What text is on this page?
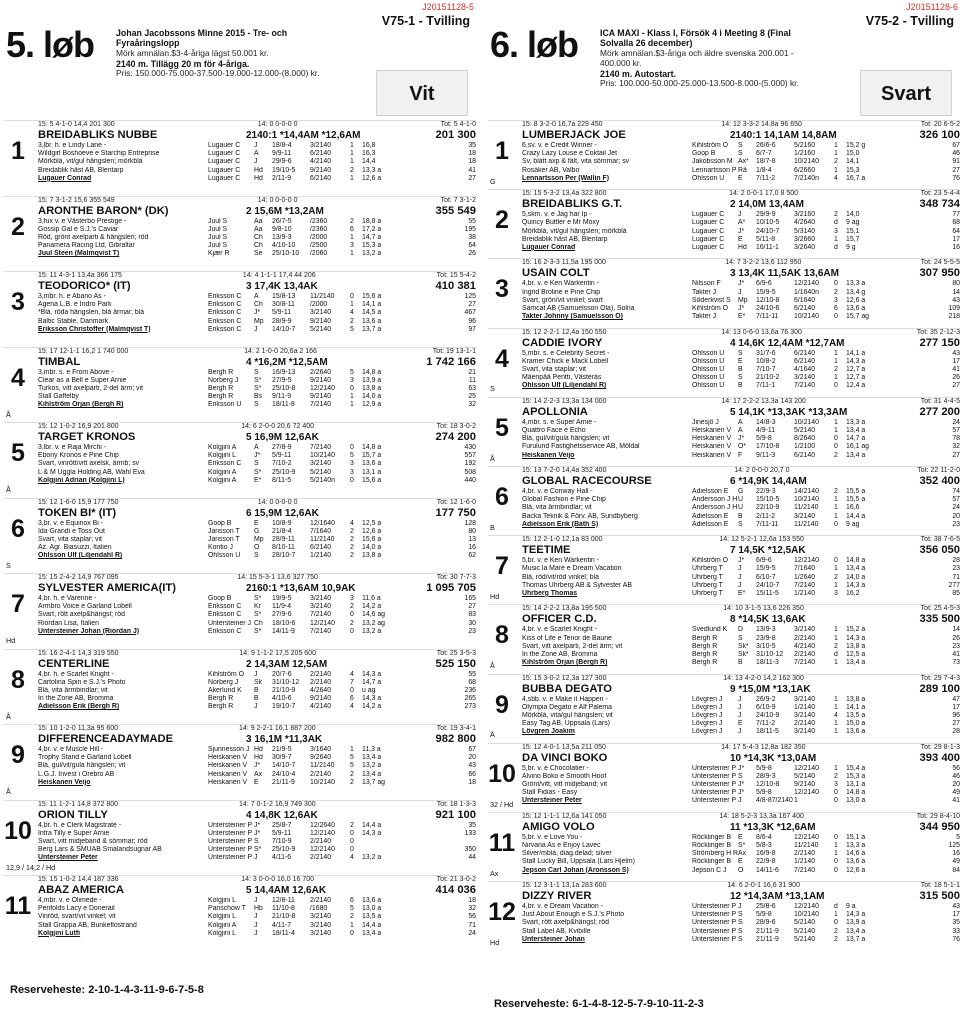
J20151128-5
5. løb Johan Jacobssons Minne 2015 - Tre- och Fyraåringslopp
Mörk amnälan.$3-4-åriga lägst 50.001 kr.
2140 m. Tillägg 20 m för 4-åriga.
Pris: 150.000-75.000-37.500-19.000-12.000-(8.000) kr.
V75-1 - Tvilling
Vit
1
15: 5 4-1-0 14,4 201 300	14: 0 0-0-0 0	Tot: 5 4-1-0
BREIDABLIKS NUBBE	2140:1 *14,4AM *12,6AM	201 300
3,lbr. h. e Lindy Lane -	Lugauer C	J	18/8-4	3/2140	1	16,8	35
Wildgirl Boshoeve e Starchip Entreprise	Lugauer C	Å	9/9-11	6/2140	1	16,3	18
Mörkblå, vit/gul hängslen; mörkblå	Lugauer C	J	29/9-6	4/2140	1	14,4	18
Breidablik häst AB, Blentarp	Lugauer C	Hd	19/10-5	9/2140	2	13,3 a	41
Lugauer Conrad	Lugauer C	Hd	2/11-9	6/2140	1	12,6 a	27
2
15: 7 3-1-2 15,6 355 549	14: 0 0-0-0 0	Tot: 7 3-1-2
ARONTHE BARON* (DK)	2 15,6M *13,2AM	355 549
3,fux v. e Västerbo Prestige -	Juul S	Aa	26/7-5	/2360	2	18,8 a	55
Gossip Gal e S.J.'s Caviar	Juul S	Aa	9/8-10	/2360	6	17,2 a	195
Röd, grönt axelparti & hängslen; röd	Juul S	Ch	13/9-3	/2000	1	14,7 a	38
Panamera Racing Ltd, Gibraltar	Juul S	Ch	4/10-10	/2500	3	15,3 a	64
Juul Steen (Malmqvist T)	Kjær R	Se	25/10-10	/2060	1	13,2 a	26
3
15: 11 4-3-1 13,4a 366 175	14: 4 1-1-1 17,4 44 206	Tot: 15 5-4-2
TEODORICO* (IT)	3 17,4K 13,4AK	410 381
3,mbr. h. e Abano As -	Eriksson C	Å	15/8-13	11/2140	0	15,6 a	125
Agena L.B. e Indro Park	Eriksson C	Ch	30/8-11	/2000	1	14,1 a	27
*Blå, röda hängslen, blå ärmar; blå	Eriksson C	J*	5/9-11	3/2140	4	14,5 a	467
Baltic Stable, Danmark	Eriksson C	Mp	28/9-9	9/2140	2	13,6 a	96
Eriksson Christoffer (Malmqvist T)	Eriksson C	J	14/10-7	5/2140	5	13,7 a	97
4
15: 17 12-1-1 16,2 1 740 000	14: 2 1-0-0 20,6a 2 166	Tot: 19 13-1-1
TIMBAL	4 *16,2M *12,5AM	1 742 166
3,mbr. s. e From Above -	Bergh R	S	16/9-13	2/2640	5	14,8 a	21
Clear as a Bell e Super Arnie	Norberg J	S*	27/9-5	9/2140	3	13,9 a	11
Turkos, vitt axelparti, 2-del ärm; vit	Bergh R	S*	25/10-8	12/2140	0	13,8 a	63
Stall Gaffelby	Bergh R	Bs	9/11-9	9/2140	1	14,0 a	25
Kihlström Örjan (Bergh R)	Eriksson U	S	18/11-8	7/2140	1	12,9 a	32
Å
5
15: 12 1-0-2 16,9 201 800	14: 6 2-0-0 20,6 72 400	Tot: 18 3-0-2
TARGET KRONOS	5 16,9M 12,6AK	274 200
3,lbr. v. e Raja Mirchi -	Kolgjini A	Å	27/8-9	7/2140	0	14,8 a	430
Ebony Kronos e Pine Chip	Kolgjini L	J*	5/9-11	10/2140	5	15,7 a	557
Svart, vinrött/vitt axelsk, ärmb; sv	Eriksson C	S	7/10-2	3/2140	3	13,6 a	192
L & M Uggla Holding AB, Wahl Eva	Kolgjini A	S*	25/10-9	5/2140	3	13,1 a	508
Kolgjini Adrian (Kolgjini L)	Kolgjini A	E*	8/11-5	5/2140n	0	15,6 a	440
Å
6
15: 12 1-6-0 15,9 177 750	14: 0 0-0-0 0	Tot: 12 1-6-0
TOKEN BI* (IT)	6 15,9M 12,6AK	177 750
3,br. v. e Equinox Bi -	Goop B	E	10/8-9	12/1640	4	12,5 a	128
Ida Grandi e Toss Out	Jansson T	G	21/8-4	7/1640	2	12,6 a	80
Svart, vita staplar; vit	Jansson T	Mp	28/9-11	11/2140	2	15,6 a	13
Az. Agr. Biasuzzi, Italien	Kontio J	O	8/10-11	6/2140	2	14,0 a	16
Ohlsson Ulf (Liljendahl R)	Ohlsson U	S	28/10-7	1/2140	2	13,8 a	62
S
7
15: 15 2-4-2 14,9 767 095	14: 15 5-3-1 13,6 327 750	Tot: 30 7-7-3
SYLVESTER AMERICA(IT)	2160:1 *13,6AM 10,9AK	1 095 705
4,br. h. e Varenne -	Goop B	S*	19/9-5	3/2140	3	11,6 a	165
Armbro Voice e Garland Lobell	Eriksson C	Kr	11/9-4	3/2140	2	14,2 a	27
Svart, rött axelp&hängsl; röd	Eriksson C	S*	27/9-6	7/2140	0	14,6 ag	83
Riordan Lisa, Italien	Untersteiner J Ch	18/10-6	12/2140	2	13,2 ag	30
Untersteiner Johan (Riordan J)	Eriksson C	S*	14/11-9	7/2140	0	13,2 a	23
Hd
8
15: 16 2-4-1 14,3 319 550	14: 9 1-1-2 17,5 205 600	Tot: 25 3-5-3
CENTERLINE	2 14,3AM 12,5AM	525 150
4,br. h. e Scarlet Knight -	Kihlström Ö	J	20/7-6	2/2140	4	14,3 a	55
Cartolina Spin e S.J.'s Photo	Norberg J	Sk	31/10-12	2/2140	7	14,7 a	68
Blå, vita ärmbindlar; vit	Åkerlund K	B	21/10-9	4/2640	0	u ag	236
In the Zone AB, Bromma	Bergh R	B	4/10-6	9/2140	6	14,3 a	265
Adielsson Erik (Bergh R)	Bergh R	J	19/10-7	4/2140	4	14,2 a	273
Å
9
15: 10 1-2-0 11,3a 95 600	14: 9 2-2-1 16,1 887 200	Tot: 19 3-4-1
DIFFERENCEADAYMADE	3 16,1M *11,3AK	982 800
4,br. v. e Muscle Hill -	Sjunnesson J Hd	21/9-5	3/1640	1	11,3 a	67
Trophy Stand e Garland Lobell	Heiskanen V	Hd	30/9-7	9/2640	5	13,4 a	20
Blå, gul/vit/gula hängslen; vit	Heiskanen V	J*	14/10-7	11/2140	5	13,2 a	43
L.G.J. Invest i Örebro AB	Heiskanen V	Ax	24/10-4	2/2140	2	13,4 a	66
Heiskanen Veijo	Heiskanen V	E	21/11-9	10/2140	2	13,7 ag	18
Å
10
15: 11 1-2-1 14,8 372 800	14: 7 0-1-2 16,9 749 300	Tot: 18 1-3-3
ORION TILLY	4 14,8K 12,6AK	921 100
4,br. h. e Clerk Magistrate -	Untersteiner P J*	25/8-7	12/2640	2	14,4 a	35
Infra Tilly e Super Arnie	Untersteiner P J*	5/9-11	12/2140	0	14,3 a	133
Svart, vitt midjeband & sömmar; röd	Untersteiner P S	7/10-9	2/2140	0
Berg Lars & SMUAB Smålandsugnar AB	Untersteiner P S*	25/10-9	12/2140	0	350
Untersteiner Peter	Untersteiner P J	4/11-6	2/2140	4	13,2 a	44
12,9 / 14,2 / Hd
11
15: 15 1-0-2 14,4 187 336	14: 3 0-0-0 16,0 16 700	Tot: 21 3-0-2
ABAZ AMERICA	5 14,4AM 12,6AK	414 036
4,mbr. v. e Olimede -	Kolgjini L	J	12/8-11	2/2140	6	13,6 a	18
Penfolds Lacy e Donerail	Panschow T	Hb	11/10-8	/1680	5	13,0 a	32
Vinröd, svart/vit vinkel; vit	Kolgjini L	J	21/10-8	3/2140	2	13,5 a	56
Stall Grappa AB, Bunkeflostrand	Kolgjini A	J	4/11-7	3/2140	1	14,4 a	71
Kolgjini Lutfi	Kolgjini L	J	18/11-4	3/2140	0	13,4 a	24
Reserveheste: 2-10-1-4-3-11-9-6-7-5-8
J20151128-6
6. løb ICA MAXI - Klass I, Försök 4 i Meeting 8 (Final Solvalla 26 december)
Mörk amnälan.$3-åriga och äldre svenska 200.001 - 400.000 kr.
2140 m. Autostart.
Pris: 100.000-50.000-25.000-13.500-8.000-(5.000) kr.
V75-2 - Tvilling
Svart
1
15: 8 3-2-0 16,7a 229 450	14: 12 3-3-2 14,8a 96 650	Tot: 20 6-5-2
LUMBERJACK JOE	2140:1 14,1AM 14,8AM	326 100
6,sv. v. e Credit Winner -	Kihlström Ö	S	26/6-6	5/2160	1	15,2 g	67
Crazy Lazy Louse e Coktail Jet	Goop B	S	6/7-7	1/2160	1	15,0	46
Sv, blått axp & fält, vita sömmar; sv	Jakobsson M Ax*	18/7-8	10/2140	2	14,1	91
Rosåker AB, Valbo	Lennartsson P Rä	1/8-4	6/2660	1	15,3	27
Lennartsson Per (Wallin F)	Ohlsson U	E	7/11-2	7/2140n	4	16,7 a	76
G
2
15: 15 5-3-2 13,4a 322 800	14: 2 0-0-1 17,0 8 500	Tot: 23 5-4-4
BREIDABLIKS G.T.	2 14,0M 13,4AM	348 734
5,skm. v. e Jag har Ip -	Lugauer C	J	29/9-9	3/2160	2	14,0	77
Quincy Buttler e Mr Moxy	Lugauer C	Å*	10/10-5	4/2640	d	9 ag	68
Mörkblå, vit/gul hängslen; mörkblå	Lugauer C	J*	24/10-7	5/3140	3	15,1	64
Breidablik häst AB, Blentarp	Lugauer C	E	5/11-8	3/2660	1	15,7	17
Lugauer Conrad	Lugauer C	Hd	16/11-1	3/2640	d	9 g	16
3
15: 16 2-3-3 11,5a 195 000	14: 7 3-2-2 13,6 112 950	Tot: 24 5-5-5
USAIN COLT	3 13,4K 11,5AK 13,6AM	307 950
4,br. v. e Ken Warkentin -	Nilsson F	J*	6/9-6	12/2140	0	13,3 a	80
Ingrid Broline e Pine Chip	Takter J	J	15/9-5	1/1640n	2	13,4 g	14
Svart, grön/vit vinkel; svart	Söderkvist S	Mp	12/10-8	6/1640	3	12,6 a	43
Samcat AB (Samuelsson Ola), Solna	Kihlström Ö	J*	24/10-6	6/2140	6	13,6 a	109
Takter Johnny (Samuelsson O)	Takter J	E*	7/11-11	10/2140	0	15,7 ag	218
4
15: 12 2-2-1 12,4a 150 550	14: 13 0-6-0 13,6a 76 300	Tot: 35 2-12-3
CADDIE IVORY	4 14,6K 12,4AM *12,7AM	277 150
5,mbr. s. e Celebrity Secret -	Ohlsson U	S	31/7-6	6/2140	1	14,1 a	43
Kramer Chick e Mack Lobell	Ohlsson U	E	10/8-2	6/2140	1	14,3 a	17
Svart, vita staplar; vit	Ohlsson U	B	7/10-7	4/1640	2	12,7 a	41
Mäenpää Pentti, Västerås	Ohlsson U	S	21/10-2	3/2140	1	12,7 a	26
Ohlsson Ulf (Liljendahl R)	Ohlsson U	B	7/11-1	7/2140	0	12,4 a	27
S
5
15: 14 2-2-3 13,3a 134 000	14: 17 2-2-2 13,3a 143 200	Tot: 31 4-4-5
APOLLONIA	5 14,1K *13,3AK *13,3AM	277 200
4,mbr. s. e Super Arnie -	Jinesjö J	Å	14/8-3	10/2140	1	13,3 a	24
Quattro Face e Echo	Heiskanen V	Å	4/9-11	5/2140	1	13,4 a	57
Blå, gul/vit/gula hängslen; vit	Heiskanen V	J*	5/9-8	8/2640	0	14,7 a	78
Furulund Fastighetsservice AB, Möldal	Heiskanen V	O*	17/10-8	1/2100	0	16,1 ag	32
Heiskanen Veijo	Heiskanen V	F	9/11-3	6/2140	2	13,4 a	27
Å
6
15: 13 7-2-0 14,4a 352 400	14: 2 0-0-0 20,7 0	Tot: 22 11-2-0
GLOBAL RACECOURSE	6 *14,9K 14,4AM	352 400
4,br. v. e Conway Hall -	Adielsson E	G	22/9-3	14/2140	2	15,5 a	74
Global Fashion e Pine Chip	Andersson J H U	15/10-5	10/2140	1	15,5 a	57
Blå, vita ärmbindlar; vit	Andersson J H U	22/10-9	11/2140	1	16,6	24
Backa Teknik & Förv. AB, Sundbyberg	Adielsson E	B	2/11-2	3/2140	1	14,4 a	20
Adielsson Erik (Båth S)	Adielsson E	S	7/11-11	11/2140	0	9 ag	23
B
7
15: 12 2-1-0 12,1a 83 000	14: 12 5-2-1 12,6a 153 550	Tot: 38 7-6-5
TEETIME	7 14,5K *12,5AK	356 050
5,br. v. e Ken Warkentin -	Kihlström Ö	J*	6/9-6	12/2140	0	14,8 a	28
Music la Mare e Dream Vacation	Uhrberg T	J	15/9-5	7/1640	1	13,4 a	23
Blå, röd/vit/röd vinkel; blå	Uhrberg T	J	6/10-7	1/2640	2	14,0 a	71
Thomas Uhrberg AB & Sylvester AB	Uhrberg T	J	24/10-7	7/2140	1	14,3 a	277
Uhrberg Thomas	Uhrberg T	E*	15/11-5	1/2140	3	16,2	85
Hd
8
15: 14 2-2-2 13,8a 195 500	14: 10 3-1-5 13,6 226 350	Tot: 25 4-5-3
OFFICER C.D.	8 *14,5K 13,6AK	335 500
4,br. v. e Scarlet Knight -	Svedlund K	D	13/9-3	3/2140	1	15,2 a	14
Kiss of Life e Tenor de Baune	Bergh R	S	23/9-8	2/2140	1	14,3 a	26
Svart, vitt axelparti, 2-del ärm; vit	Bergh R	Sk*	3/10-5	4/2140	2	13,8 a	23
In the Zone AB, Bromma	Bergh R	Sk*	31/10-12	2/2140	d	12,5 a	41
Kihlström Örjan (Bergh R)	Bergh R	B	18/11-3	7/2140	1	13,4 a	73
Å
9
15: 15 3-0-2 12,3a 127 300	14: 13 4-2-0 14,2 162 300	Tot: 29 7-4-3
BUBBA DEGATO	9 *15,0M *13,1AK	289 100
4,sbb. v. e Make it Happen -	Lövgren J	J	26/9-2	3/2140	1	13,8 a	47
Olympia Degato e Alf Palema	Lövgren J	J	6/10-9	1/2140	1	14,1 a	17
Mörkblå, vita/gul hängslen; vit	Lövgren J	J	24/10-9	3/2140	4	13,5 a	96
Easy Tag AB, Uppsala (Lars)	Lövgren J	E	7/11-2	2/2140	1	15,0 a	27
Lövgren Joakim	Lövgren J	J	18/11-5	3/2140	1	13,6 a	28
Ä
10
15: 12 4-0-1 13,5a 211 050	14: 17 5-4-3 12,8a 182 350	Tot: 29 8-1-3
DA VINCI BOKO	10 *14,3K *13,0AM	393 400
5,br. v. e Chocolatier -	Untersteiner P J*	5/9-8	12/2140	1	15,4 a	56
Alvino Boko e Smooth Hoof	Untersteiner P S	28/9-3	5/2140	2	15,3 a	46
Grönt/vitt, vitt midjeband; vit	Untersteiner P J*	12/10-8	9/2140	3	13,1 a	20
Stall Fidias - Easy	Untersteiner P J*	5/9-8	12/2140	0	14,8 a	49
Untersteiner Peter	Untersteiner P J	4/8-87/2140 1	0	13,0 a	41
32 / Hd
11
15: 12 1-1-1 12,6a 141 050	14: 18 5-2-3 13,3a 167 400	Tot: 29 8-4-10
AMIGO VOLO	11 *13,3K *12,6AM	344 950
5,br. v. e Love You -	Röcklinger B	E	8/6-4	12/2140	0	15,1 a	5
Nirvana As e Enjoy Lavec	Röcklinger B	S*	5/8-3	11/2140	1	13,3 a	125
Silver/mblå, diag.delad; silver	Strömberg H R Ax	16/9-8	2/2140	1	14,6 a	16
Stall Lucky Bill, Uppsala (Lars Hjelm)	Röcklinger B	E	22/9-8	1/2140	0	13,6 a	49
Jepson Carl Johan (Aronsson S)	Jepson C J	O	14/11-6	7/2140	0	12,6 a	84
Ax
12
15: 12 3-1-1 13,1a 283 600	14: 6 2-0-1 16,6 31 900	Tot: 18 5-1-1
DIZZY RIVER	12 *14,3AM *13,1AM	315 500
4,br. v. e Dream Vacation -	Untersteiner P J	25/8-6	12/2140	d	9 a	43
Just About Enough e S.J.'s Photo	Untersteiner P S	5/9-8	10/2140	1	14,3 a	17
Svart, rött axelp&hängsl; röd	Untersteiner P S	28/9-6	5/2140	0	13,9 a	35
Stall Label AB, Kvibille	Untersteiner P S	21/11-9	5/2140	2	13,4 a	33
Untersteiner Johan	Untersteiner P S	21/11-9	5/2140	2	13,7 a	76
Hd
Reserveheste: 6-1-4-8-12-5-7-9-10-11-2-3
